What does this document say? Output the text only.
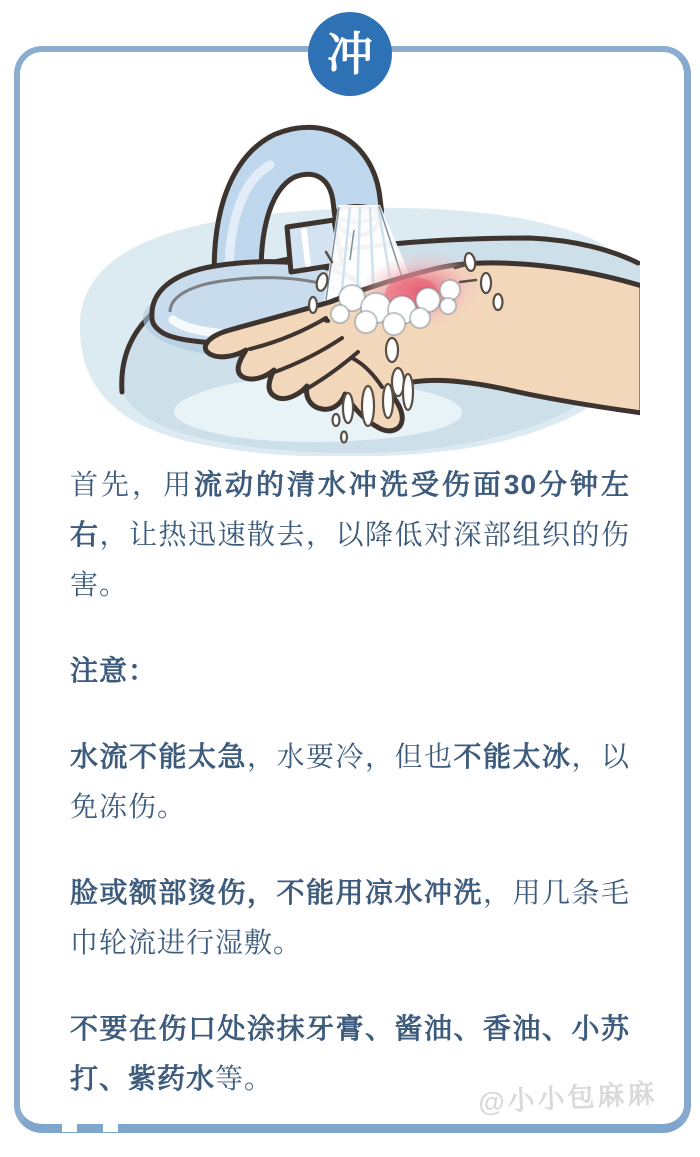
冲

首先，用流动的清水冲洗受伤面30分钟左右，让热迅速散去，以降低对深部组织的伤害。

注意：

水流不能太急，水要冷，但也不能太冰，以免冻伤。

脸或额部烫伤，不能用凉水冲洗，用几条毛巾轮流进行湿敷。

不要在伤口处涂抹牙膏、酱油、香油、小苏打、紫药水等。	@小小包麻麻
